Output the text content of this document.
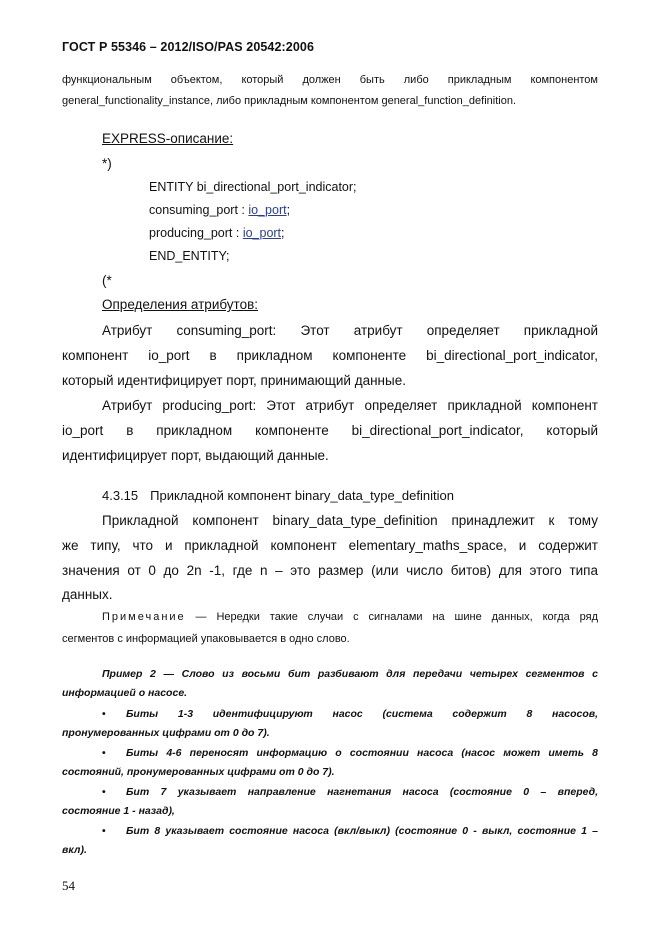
ГОСТ Р 55346 – 2012/ISO/PAS 20542:2006
функциональным объектом, который должен быть либо прикладным компонентом
general_functionality_instance, либо прикладным компонентом general_function_definition.
EXPRESS-описание:
*)
ENTITY bi_directional_port_indicator;
consuming_port : io_port;
producing_port : io_port;
END_ENTITY;
(*
Определения атрибутов:
Атрибут consuming_port: Этот атрибут определяет прикладной
компонент io_port в прикладном компоненте bi_directional_port_indicator,
который идентифицирует порт, принимающий данные.
Атрибут producing_port: Этот атрибут определяет прикладной компонент
io_port в прикладном компоненте bi_directional_port_indicator, который
идентифицирует порт, выдающий данные.
4.3.15 Прикладной компонент binary_data_type_definition
Прикладной компонент binary_data_type_definition принадлежит к тому
же типу, что и прикладной компонент elementary_maths_space, и содержит
значения от 0 до 2n -1, где n – это размер (или число битов) для этого типа
данных.
Примечание — Нередки такие случаи с сигналами на шине данных, когда ряд
сегментов с информацией упаковывается в одно слово.
Пример 2 — Слово из восьми бит разбивают для передачи четырех сегментов с
информацией о насосе.
• Биты 1-3 идентифицируют насос (система содержит 8 насосов,
пронумерованных цифрами от 0 до 7).
• Биты 4-6 переносят информацию о состоянии насоса (насос может иметь 8
состояний, пронумерованных цифрами от 0 до 7).
• Бит 7 указывает направление нагнетания насоса (состояние 0 – вперед,
состояние 1 - назад),
• Бит 8 указывает состояние насоса (вкл/выкл) (состояние 0 - выкл, состояние 1 –
вкл).
54
